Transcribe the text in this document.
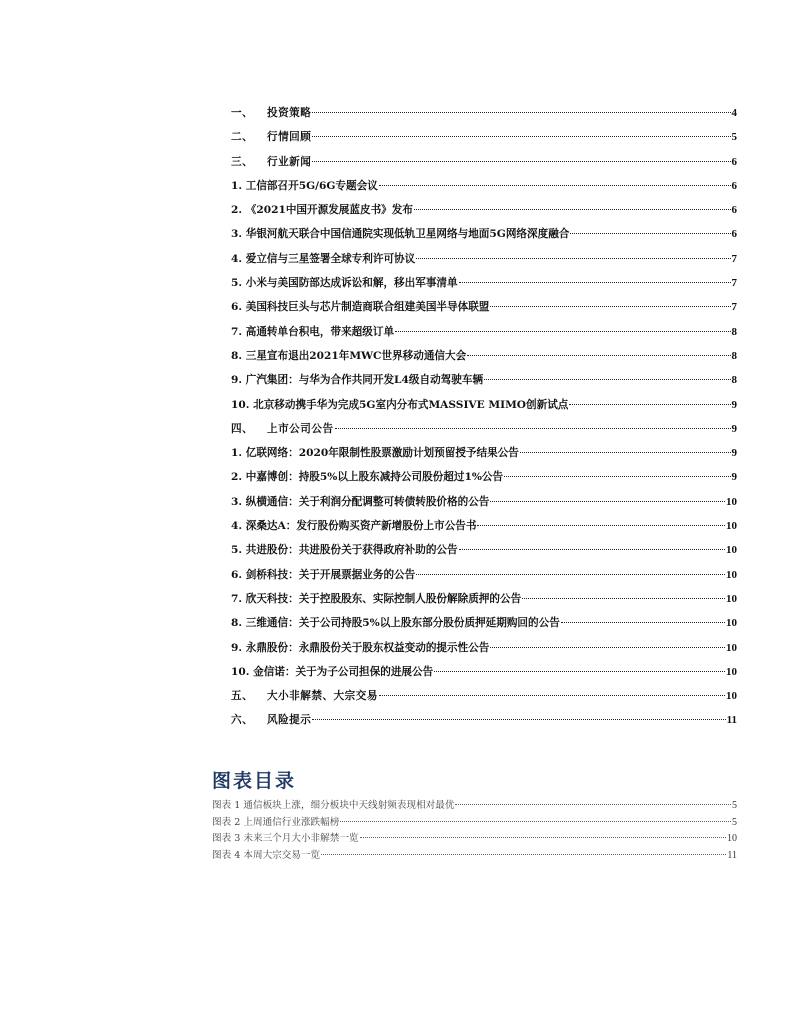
一、 投资策略	4
二、 行情回顾	5
三、 行业新闻	6
1. 工信部召开5G/6G专题会议	6
2. 《2021中国开源发展蓝皮书》发布	6
3. 华银河航天联合中国信通院实现低轨卫星网络与地面5G网络深度融合	6
4. 爱立信与三星签署全球专利许可协议	7
5. 小米与美国防部达成诉讼和解，移出军事清单	7
6. 美国科技巨头与芯片制造商联合组建美国半导体联盟	7
7. 高通转单台积电，带来超级订单	8
8. 三星宣布退出2021年MWC世界移动通信大会	8
9. 广汽集团：与华为合作共同开发L4级自动驾驶车辆	8
10. 北京移动携手华为完成5G室内分布式MASSIVE MIMO创新试点	9
四、 上市公司公告	9
1. 亿联网络：2020年限制性股票激励计划预留授予结果公告	9
2. 中嘉博创：持股5%以上股东减持公司股份超过1%公告	9
3. 纵横通信：关于利润分配调整可转债转股价格的公告	10
4. 深桑达A：发行股份购买资产新增股份上市公告书	10
5. 共进股份：共进股份关于获得政府补助的公告	10
6. 剑桥科技：关于开展票据业务的公告	10
7. 欣天科技：关于控股股东、实际控制人股份解除质押的公告	10
8. 三维通信：关于公司持股5%以上股东部分股份质押延期购回的公告	10
9. 永鼎股份：永鼎股份关于股东权益变动的提示性公告	10
10. 金信诺：关于为子公司担保的进展公告	10
五、 大小非解禁、大宗交易	10
六、 风险提示	11
图表目录
图表 1 通信板块上涨，细分板块中天线射频表现相对最优	5
图表 2 上周通信行业涨跌幅榜	5
图表 3 未来三个月大小非解禁一览	10
图表 4 本周大宗交易一览	11
